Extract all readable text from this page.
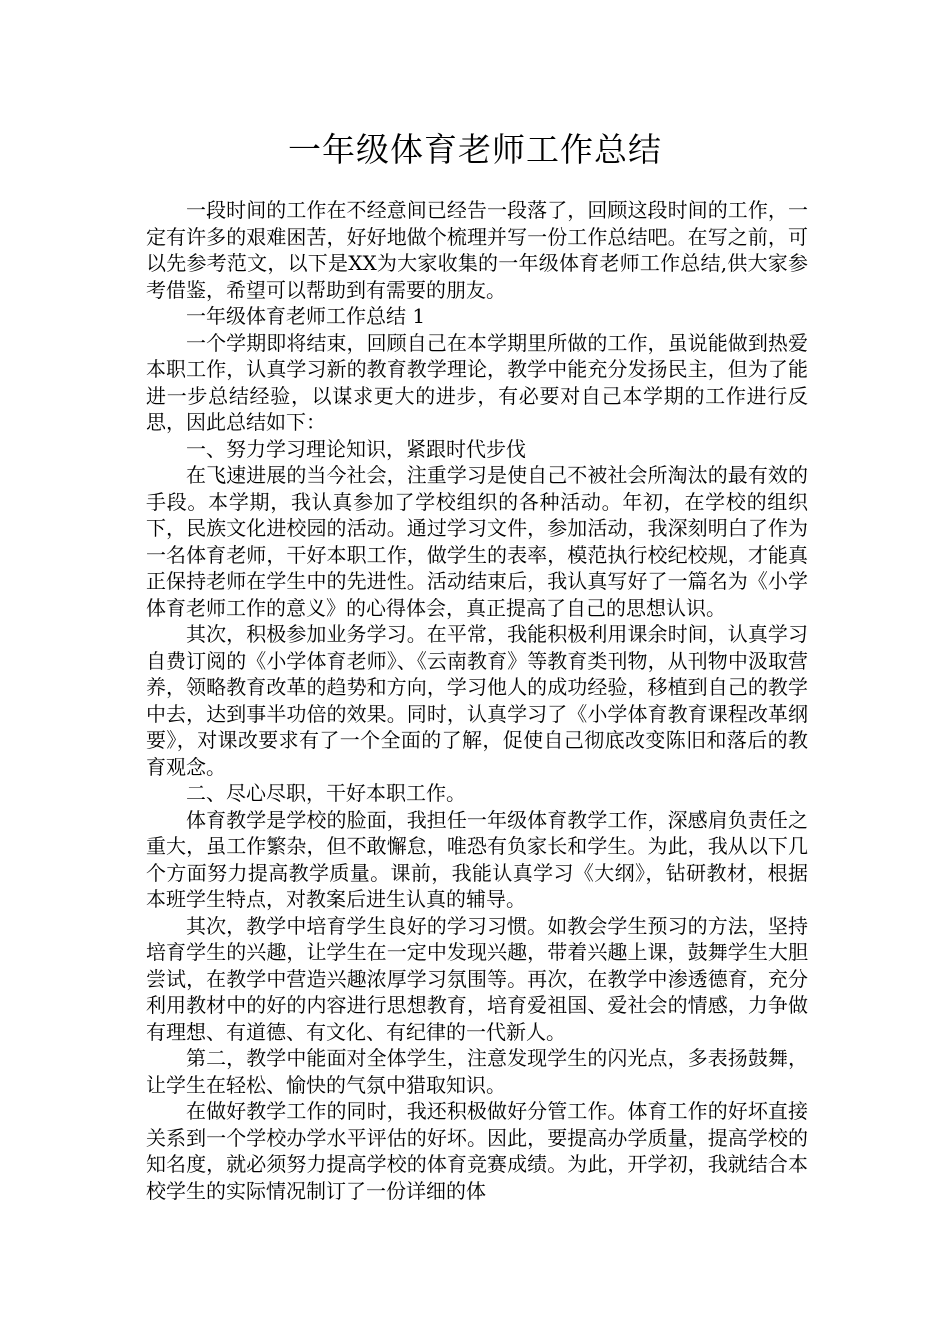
一年级体育老师工作总结

一段时间的工作在不经意间已经告一段落了，回顾这段时间的工作，一定有许多的艰难困苦，好好地做个梳理并写一份工作总结吧。在写之前，可以先参考范文，以下是XX为大家收集的一年级体育老师工作总结,供大家参考借鉴，希望可以帮助到有需要的朋友。

一年级体育老师工作总结 1

一个学期即将结束，回顾自己在本学期里所做的工作，虽说能做到热爱本职工作，认真学习新的教育教学理论，教学中能充分发扬民主，但为了能进一步总结经验，以谋求更大的进步，有必要对自己本学期的工作进行反思，因此总结如下：

一、努力学习理论知识，紧跟时代步伐

在飞速进展的当今社会，注重学习是使自己不被社会所淘汰的最有效的手段。本学期，我认真参加了学校组织的各种活动。年初，在学校的组织下，民族文化进校园的活动。通过学习文件，参加活动，我深刻明白了作为一名体育老师，干好本职工作，做学生的表率，模范执行校纪校规，才能真正保持老师在学生中的先进性。活动结束后，我认真写好了一篇名为《小学体育老师工作的意义》的心得体会，真正提高了自己的思想认识。

其次，积极参加业务学习。在平常，我能积极利用课余时间，认真学习自费订阅的《小学体育老师》、《云南教育》等教育类刊物，从刊物中汲取营养，领略教育改革的趋势和方向，学习他人的成功经验，移植到自己的教学中去，达到事半功倍的效果。同时，认真学习了《小学体育教育课程改革纲要》，对课改要求有了一个全面的了解，促使自己彻底改变陈旧和落后的教育观念。

二、尽心尽职，干好本职工作。

体育教学是学校的脸面，我担任一年级体育教学工作，深感肩负责任之重大，虽工作繁杂，但不敢懈怠，唯恐有负家长和学生。为此，我从以下几个方面努力提高教学质量。课前，我能认真学习《大纲》，钻研教材，根据本班学生特点，对教案后进生认真的辅导。

其次，教学中培育学生良好的学习习惯。如教会学生预习的方法，坚持培育学生的兴趣，让学生在一定中发现兴趣，带着兴趣上课，鼓舞学生大胆尝试，在教学中营造兴趣浓厚学习氛围等。再次，在教学中渗透德育，充分利用教材中的好的内容进行思想教育，培育爱祖国、爱社会的情感，力争做有理想、有道德、有文化、有纪律的一代新人。

第二，教学中能面对全体学生，注意发现学生的闪光点，多表扬鼓舞，让学生在轻松、愉快的气氛中猎取知识。

在做好教学工作的同时，我还积极做好分管工作。体育工作的好坏直接关系到一个学校办学水平评估的好坏。因此，要提高办学质量，提高学校的知名度，就必须努力提高学校的体育竞赛成绩。为此，开学初，我就结合本校学生的实际情况制订了一份详细的体
